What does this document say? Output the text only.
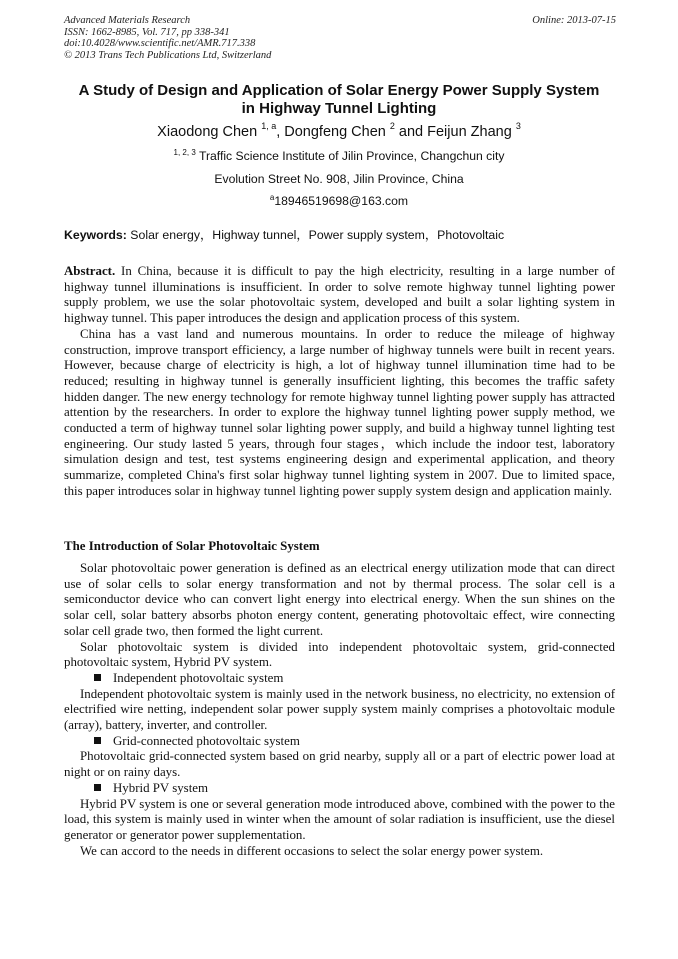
Advanced Materials Research
ISSN: 1662-8985, Vol. 717, pp 338-341
doi:10.4028/www.scientific.net/AMR.717.338
© 2013 Trans Tech Publications Ltd, Switzerland
Online: 2013-07-15
A Study of Design and Application of Solar Energy Power Supply System
in Highway Tunnel Lighting
Xiaodong Chen $^{1, a}$, Dongfeng Chen $^2$ and Feijun Zhang $^3$
$^{1, 2, 3}$ Traffic Science Institute of Jilin Province, Changchun city
Evolution Street No. 908, Jilin Province, China
$^a$18946519698@163.com
Keywords: Solar energy，Highway tunnel，Power supply system，Photovoltaic

Abstract. In China, because it is difficult to pay the high electricity, resulting in a large number of highway tunnel illuminations is insufficient. In order to solve remote highway tunnel lighting power supply problem, we use the solar photovoltaic system, developed and built a solar lighting system in highway tunnel. This paper introduces the design and application process of this system.

China has a vast land and numerous mountains. In order to reduce the mileage of highway construction, improve transport efficiency, a large number of highway tunnels were built in recent years. However, because charge of electricity is high, a lot of highway tunnel illumination time had to be reduced; resulting in highway tunnel is generally insufficient lighting, this becomes the traffic safety hidden danger. The new energy technology for remote highway tunnel lighting power supply has attracted attention by the researchers. In order to explore the highway tunnel lighting power supply method, we conducted a term of highway tunnel solar lighting power supply, and build a highway tunnel lighting test engineering. Our study lasted 5 years, through four stages，which include the indoor test, laboratory simulation design and test, test systems engineering design and experimental application, and theory summarize, completed China's first solar highway tunnel lighting system in 2007. Due to limited space, this paper introduces solar in highway tunnel lighting power supply system design and application mainly.

The Introduction of Solar Photovoltaic System

Solar photovoltaic power generation is defined as an electrical energy utilization mode that can direct use of solar cells to solar energy transformation and not by thermal process. The solar cell is a semiconductor device who can convert light energy into electrical energy. When the sun shines on the solar cell, solar battery absorbs photon energy content, generating photovoltaic effect, wire connecting solar cell grade two, then formed the light current.

Solar photovoltaic system is divided into independent photovoltaic system, grid-connected photovoltaic system, Hybrid PV system.

Independent photovoltaic system

Independent photovoltaic system is mainly used in the network business, no electricity, no extension of electrified wire netting, independent solar power supply system mainly comprises a photovoltaic module (array), battery, inverter, and controller.

Grid-connected photovoltaic system

Photovoltaic grid-connected system based on grid nearby, supply all or a part of electric power load at night or on rainy days.

Hybrid PV system

Hybrid PV system is one or several generation mode introduced above, combined with the power to the load, this system is mainly used in winter when the amount of solar radiation is insufficient, use the diesel generator or generator power supplementation.

We can accord to the needs in different occasions to select the solar energy power system.
